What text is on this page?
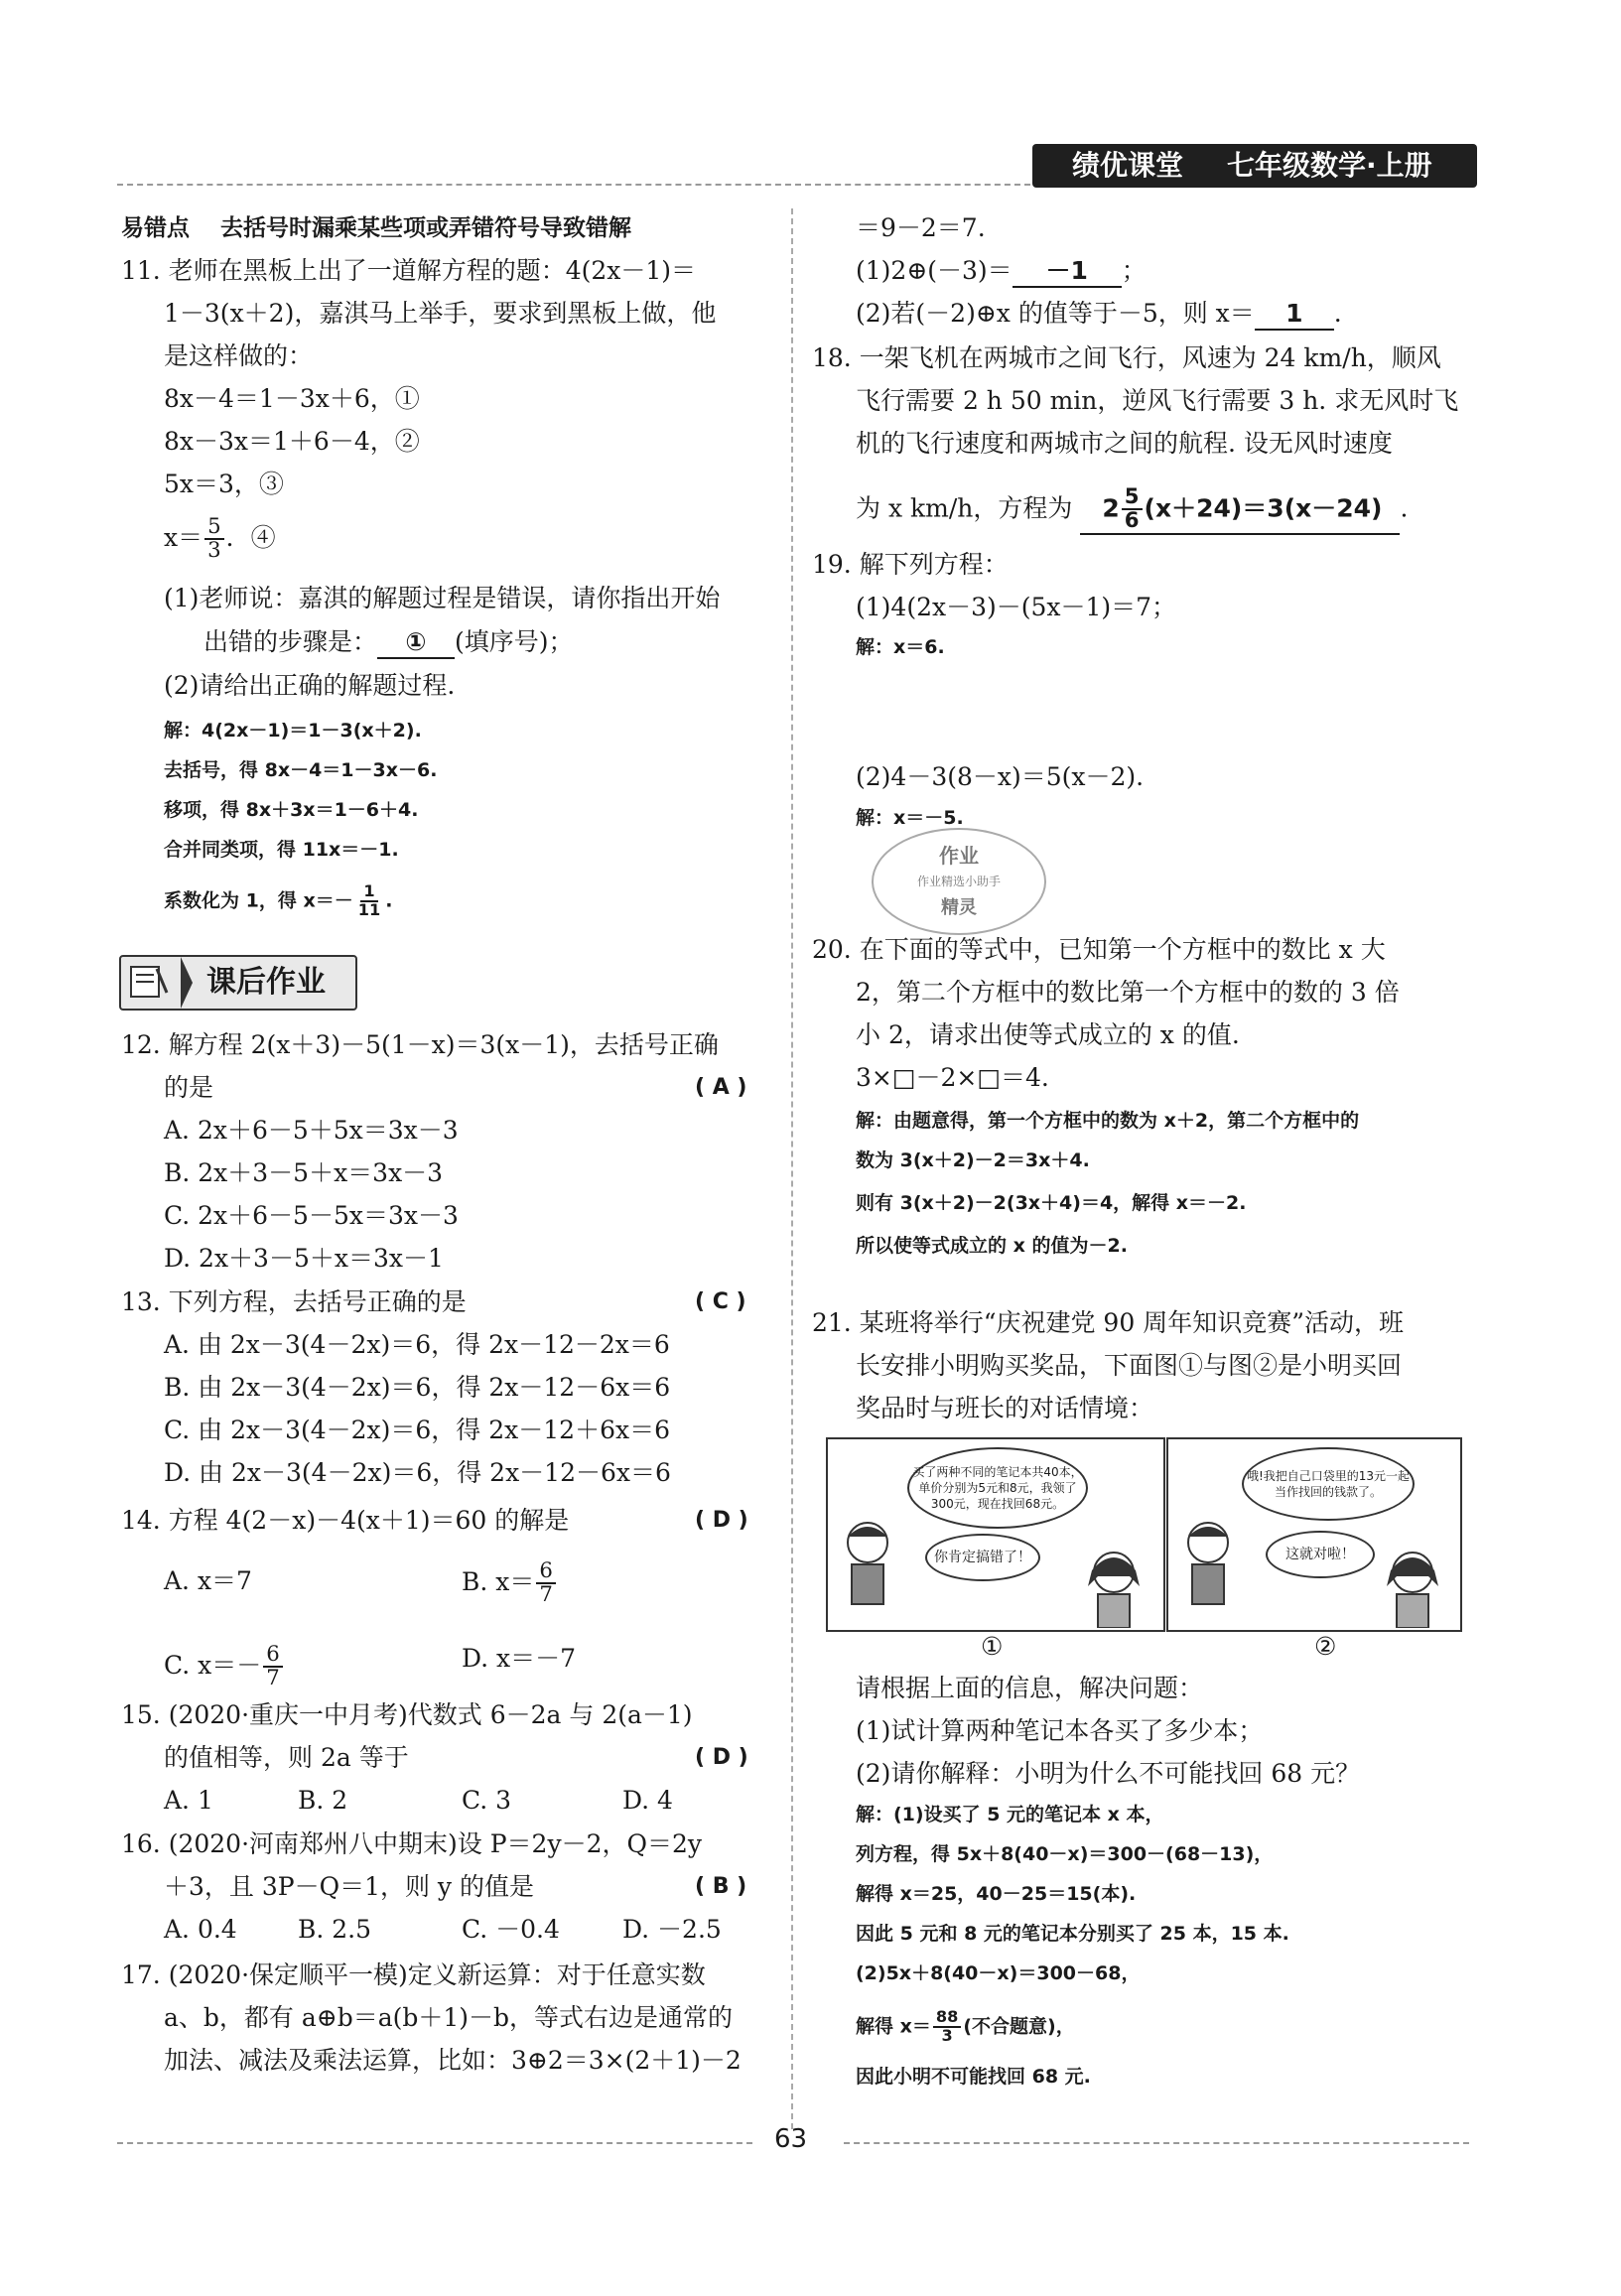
绩优课堂 七年级数学·上册
易错点　 去括号时漏乘某些项或弄错符号导致错解
11. 老师在黑板上出了一道解方程的题：4(2x－1)＝
1－3(x＋2)，嘉淇马上举手，要求到黑板上做，他
是这样做的：
8x－4＝1－3x＋6，①
8x－3x＝1＋6－4，②
5x＝3，③
$x= \frac{5}{3}$ ．④
(1)老师说：嘉淇的解题过程是错误，请你指出开始
出错的步骤是： ① (填序号)；
(2)请给出正确的解题过程.
解：4(2x－1)＝1－3(x＋2).
去括号，得 8x－4＝1－3x－6.
移项，得 8x＋3x＝1－6＋4.
合并同类项，得 11x＝－1.
系数化为 1，得 $x=- \frac{1}{11}$ .
课后作业
12. 解方程 2(x＋3)－5(1－x)＝3(x－1)，去括号正确
的是	( A )
A. 2x＋6－5＋5x＝3x－3
B. 2x＋3－5＋x＝3x－3
C. 2x＋6－5－5x＝3x－3
D. 2x＋3－5＋x＝3x－1
13. 下列方程，去括号正确的是	( C )
A. 由 2x－3(4－2x)＝6，得 2x－12－2x＝6
B. 由 2x－3(4－2x)＝6，得 2x－12－6x＝6
C. 由 2x－3(4－2x)＝6，得 2x－12＋6x＝6
D. 由 2x－3(4－2x)＝6，得 2x－12－6x＝6
14. 方程 4(2－x)－4(x＋1)＝60 的解是	( D )
A. x＝7	B. $x= \frac{6}{7}$
C. $x=- \frac{6}{7}$	D. x＝－7
15. (2020·重庆一中月考)代数式 6－2a 与 2(a－1)
的值相等，则 2a 等于	( D )
A. 1	B. 2	C. 3	D. 4
16. (2020·河南郑州八中期末)设 P＝2y－2，Q＝2y
＋3，且 3P－Q＝1，则 y 的值是	( B )
A. 0.4 B. 2.5	C. －0.4	D. －2.5
17. (2020·保定顺平一模)定义新运算：对于任意实数
a、b，都有 a⊕b＝a(b＋1)－b，等式右边是通常的
加法、减法及乘法运算，比如：3⊕2＝3×(2＋1)－2
＝9－2＝7.
(1)2⊕(－3)＝ －1 ；
(2)若(－2)⊕x 的值等于－5，则 x＝ 1 .
18. 一架飞机在两城市之间飞行，风速为 24 km/h，顺风
飞行需要 2 h 50 min，逆风飞行需要 3 h. 求无风时飞
机的飞行速度和两城市之间的航程. 设无风时速度
为 x km/h，方程为 $2 \frac{5}{6} (x+24)=3(x-24)$ .
19. 解下列方程：
(1)4(2x－3)－(5x－1)＝7；
解：x＝6.
(2)4－3(8－x)＝5(x－2).
解：x＝－5.
作业
作业精选小助手
精灵
20. 在下面的等式中，已知第一个方框中的数比 x 大
2，第二个方框中的数比第一个方框中的数的 3 倍
小 2，请求出使等式成立的 x 的值.
3×□－2×□＝4.
解：由题意得，第一个方框中的数为 x＋2，第二个方框中的
数为 3(x＋2)－2＝3x＋4.
则有 3(x＋2)－2(3x＋4)＝4，解得 x＝－2.
所以使等式成立的 x 的值为－2.
21. 某班将举行“庆祝建党 90 周年知识竞赛”活动，班
长安排小明购买奖品，下面图①与图②是小明买回
奖品时与班长的对话情境：
买了两种不同的笔记本共40本，单价分别为5元和8元，我领了300元，现在找回68元。
你肯定搞错了！
哦!我把自己口袋里的13元一起当作找回的钱款了。
这就对啦！
①	②
请根据上面的信息，解决问题：
(1)试计算两种笔记本各买了多少本；
(2)请你解释：小明为什么不可能找回 68 元？
解：(1)设买了 5 元的笔记本 x 本，
列方程，得 5x＋8(40－x)＝300－(68－13)，
解得 x＝25，40－25＝15(本).
因此 5 元和 8 元的笔记本分别买了 25 本，15 本.
(2)5x＋8(40－x)＝300－68，
解得 $x= \frac{88}{3}$ (不合题意)，
因此小明不可能找回 68 元.
63
